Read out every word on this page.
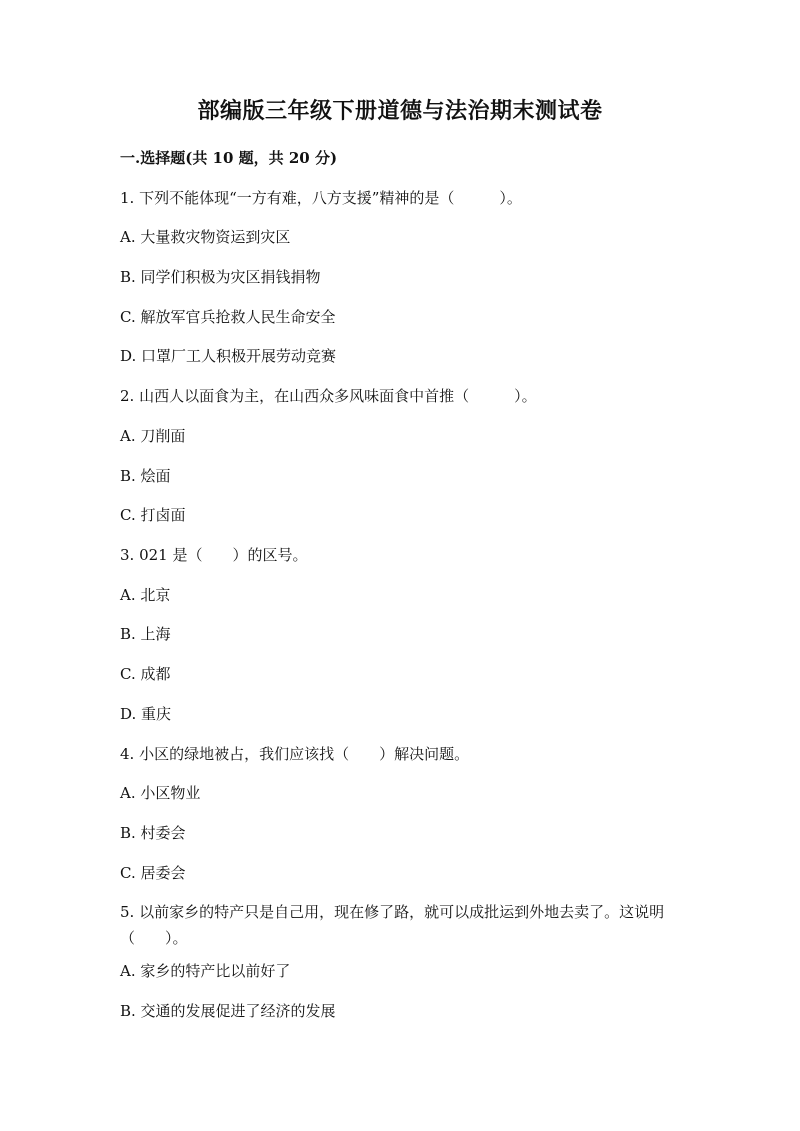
部编版三年级下册道德与法治期末测试卷
一.选择题(共 10 题，共 20 分)
1. 下列不能体现“一方有难，八方支援”精神的是（　　　）。
A. 大量救灾物资运到灾区
B. 同学们积极为灾区捐钱捐物
C. 解放军官兵抢救人民生命安全
D. 口罩厂工人积极开展劳动竞赛
2. 山西人以面食为主，在山西众多风味面食中首推（　　　）。
A. 刀削面
B. 烩面
C. 打卤面
3. 021 是（　　）的区号。
A. 北京
B. 上海
C. 成都
D. 重庆
4. 小区的绿地被占，我们应该找（　　）解决问题。
A. 小区物业
B. 村委会
C. 居委会
5. 以前家乡的特产只是自己用，现在修了路，就可以成批运到外地去卖了。这说明（　　）。
A. 家乡的特产比以前好了
B. 交通的发展促进了经济的发展
